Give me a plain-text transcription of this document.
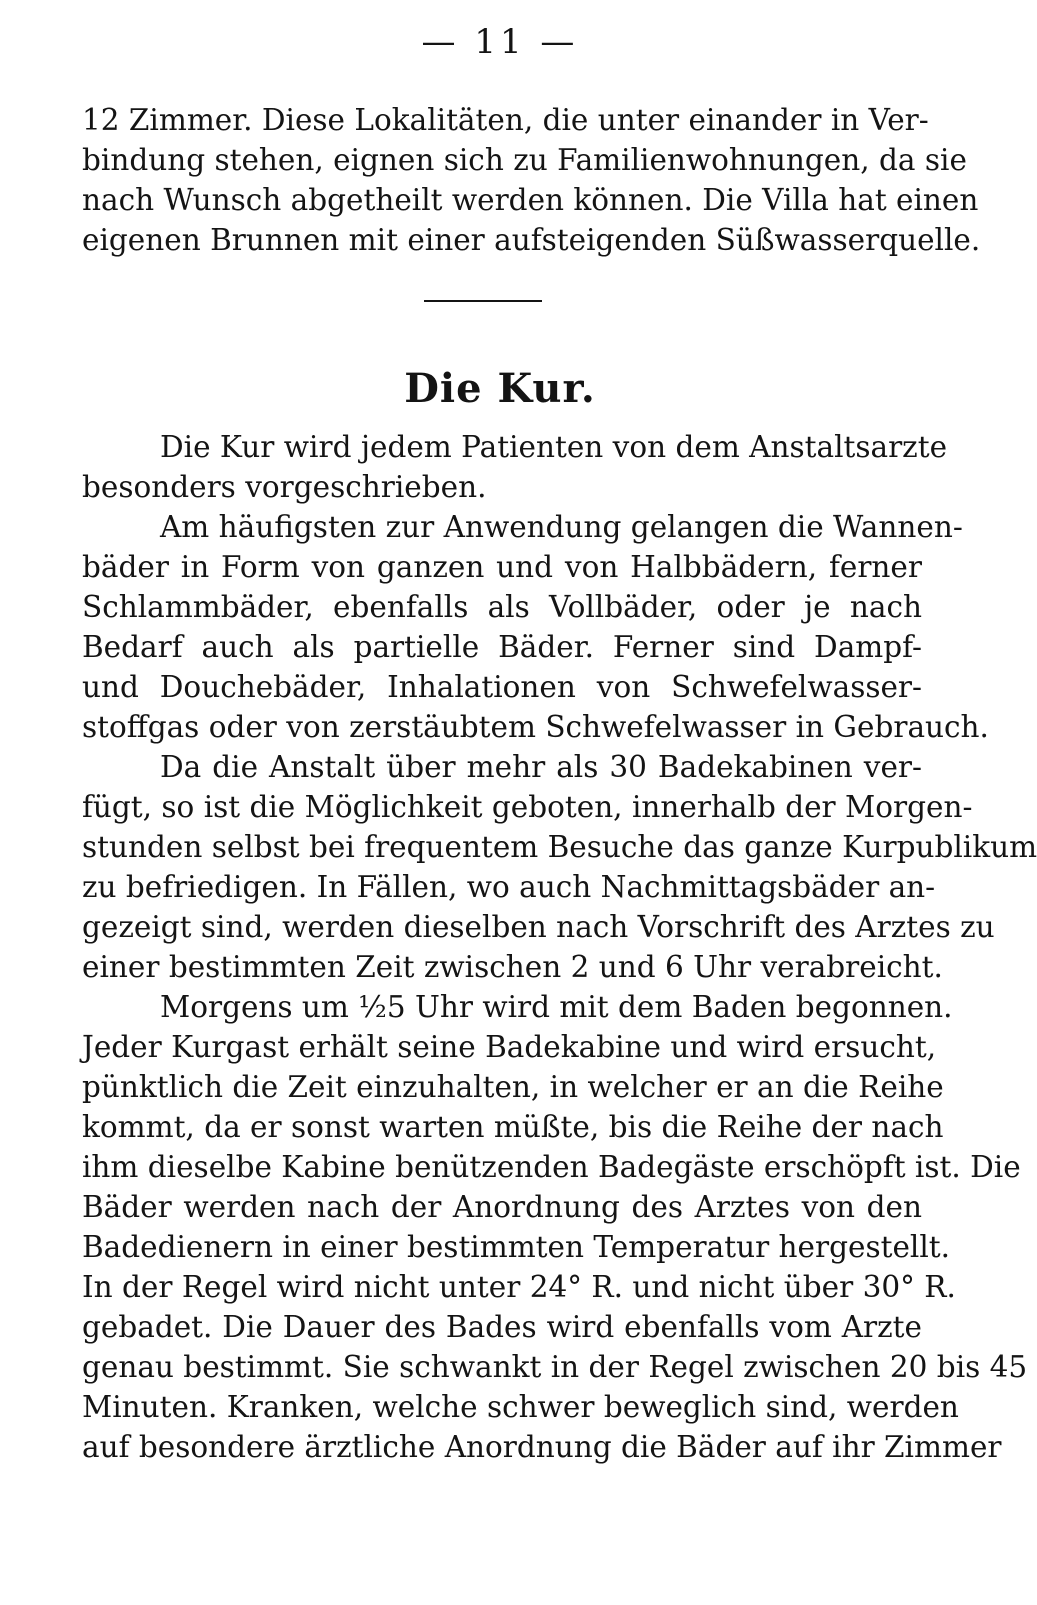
— 11 —
12 Zimmer. Diese Lokalitäten, die unter einander in Ver-
bindung stehen, eignen sich zu Familienwohnungen, da sie
nach Wunsch abgetheilt werden können. Die Villa hat einen
eigenen Brunnen mit einer aufsteigenden Süßwasserquelle.
Die Kur.
Die Kur wird jedem Patienten von dem Anstaltsarzte
besonders vorgeschrieben.
Am häufigsten zur Anwendung gelangen die Wannen-
bäder in Form von ganzen und von Halbbädern, ferner
Schlammbäder, ebenfalls als Vollbäder, oder je nach
Bedarf auch als partielle Bäder. Ferner sind Dampf-
und Douchebäder, Inhalationen von Schwefelwasser-
stoffgas oder von zerstäubtem Schwefelwasser in Gebrauch.
Da die Anstalt über mehr als 30 Badekabinen ver-
fügt, so ist die Möglichkeit geboten, innerhalb der Morgen-
stunden selbst bei frequentem Besuche das ganze Kurpublikum
zu befriedigen. In Fällen, wo auch Nachmittagsbäder an-
gezeigt sind, werden dieselben nach Vorschrift des Arztes zu
einer bestimmten Zeit zwischen 2 und 6 Uhr verabreicht.
Morgens um ½5 Uhr wird mit dem Baden begonnen.
Jeder Kurgast erhält seine Badekabine und wird ersucht,
pünktlich die Zeit einzuhalten, in welcher er an die Reihe
kommt, da er sonst warten müßte, bis die Reihe der nach
ihm dieselbe Kabine benützenden Badegäste erschöpft ist. Die
Bäder werden nach der Anordnung des Arztes von den
Badedienern in einer bestimmten Temperatur hergestellt.
In der Regel wird nicht unter 24° R. und nicht über 30° R.
gebadet. Die Dauer des Bades wird ebenfalls vom Arzte
genau bestimmt. Sie schwankt in der Regel zwischen 20 bis 45
Minuten. Kranken, welche schwer beweglich sind, werden
auf besondere ärztliche Anordnung die Bäder auf ihr Zimmer
